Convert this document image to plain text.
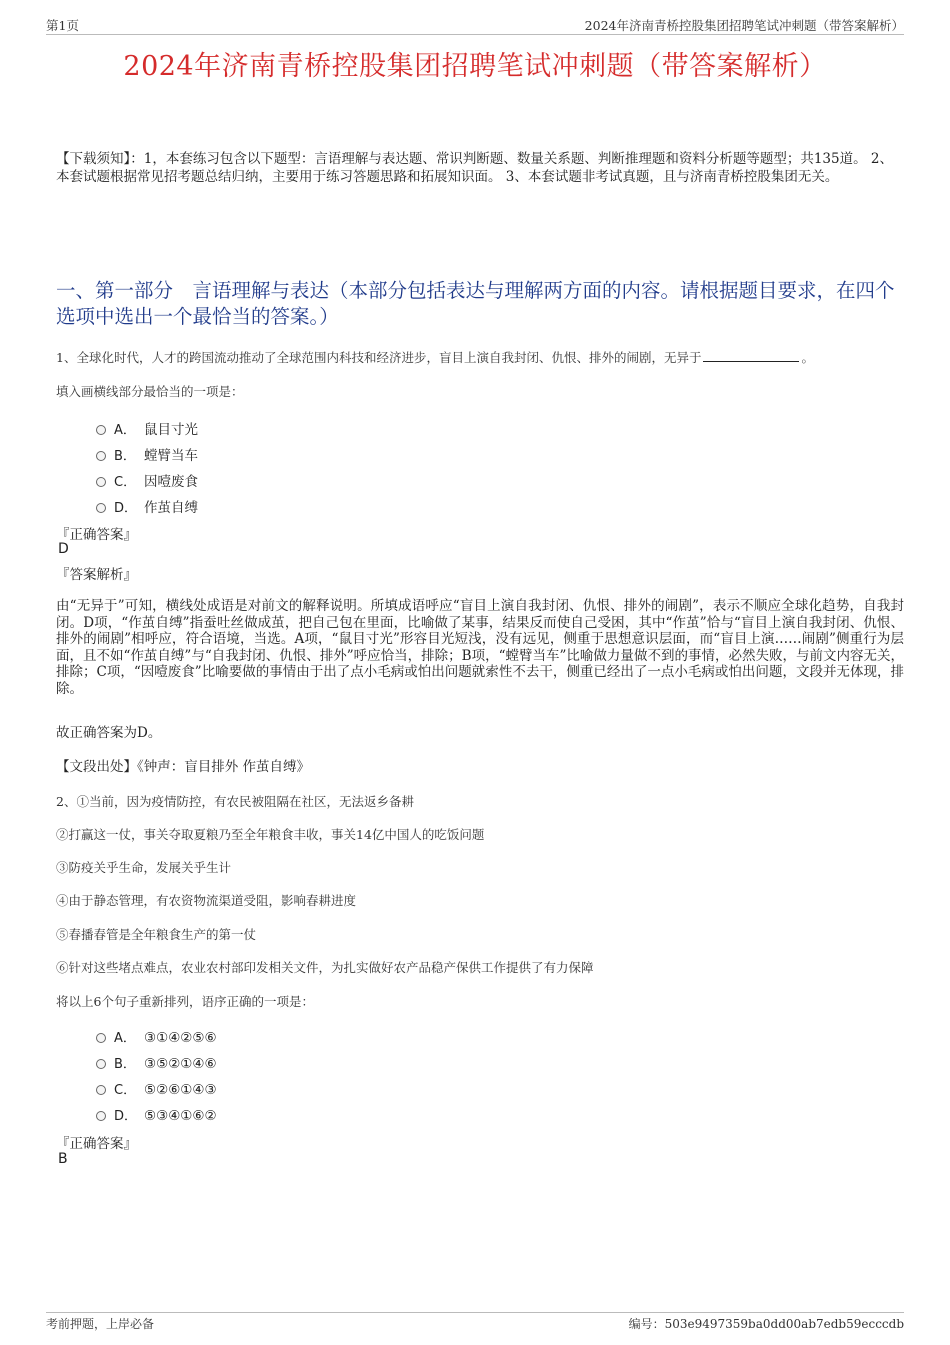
第1页	2024年济南青桥控股集团招聘笔试冲刺题（带答案解析）
2024年济南青桥控股集团招聘笔试冲刺题（带答案解析）
【下载须知】：1，本套练习包含以下题型：言语理解与表达题、常识判断题、数量关系题、判断推理题和资料分析题等题型；共135道。 2、本套试题根据常见招考题总结归纳，主要用于练习答题思路和拓展知识面。 3、本套试题非考试真题，且与济南青桥控股集团无关。
一、第一部分　言语理解与表达（本部分包括表达与理解两方面的内容。请根据题目要求，在四个选项中选出一个最恰当的答案。）
1、全球化时代，人才的跨国流动推动了全球范围内科技和经济进步，盲目上演自我封闭、仇恨、排外的闹剧，无异于	。
填入画横线部分最恰当的一项是：
A． 鼠目寸光
B． 螳臂当车
C． 因噎废食
D． 作茧自缚
『正确答案』
D
『答案解析』
由“无异于”可知，横线处成语是对前文的解释说明。所填成语呼应“盲目上演自我封闭、仇恨、排外的闹剧”，表示不顺应全球化趋势，自我封闭。D项，“作茧自缚”指蚕吐丝做成茧，把自己包在里面，比喻做了某事，结果反而使自己受困，其中“作茧”恰与“盲目上演自我封闭、仇恨、排外的闹剧”相呼应，符合语境，当选。A项，“鼠目寸光”形容目光短浅，没有远见，侧重于思想意识层面，而“盲目上演……闹剧”侧重行为层面，且不如“作茧自缚”与“自我封闭、仇恨、排外”呼应恰当，排除；B项，“螳臂当车”比喻做力量做不到的事情，必然失败，与前文内容无关，排除；C项，“因噎废食”比喻要做的事情由于出了点小毛病或怕出问题就索性不去干，侧重已经出了一点小毛病或怕出问题，文段并无体现，排除。
故正确答案为D。
【文段出处】《钟声：盲目排外 作茧自缚》
2、①当前，因为疫情防控，有农民被阻隔在社区，无法返乡备耕
②打赢这一仗，事关夺取夏粮乃至全年粮食丰收，事关14亿中国人的吃饭问题
③防疫关乎生命，发展关乎生计
④由于静态管理，有农资物流渠道受阻，影响春耕进度
⑤春播春管是全年粮食生产的第一仗
⑥针对这些堵点难点，农业农村部印发相关文件，为扎实做好农产品稳产保供工作提供了有力保障
将以上6个句子重新排列，语序正确的一项是：
A． ③①④②⑤⑥
B． ③⑤②①④⑥
C． ⑤②⑥①④③
D． ⑤③④①⑥②
『正确答案』
B
考前押题，上岸必备	编号：503e9497359ba0dd00ab7edb59ecccdb
